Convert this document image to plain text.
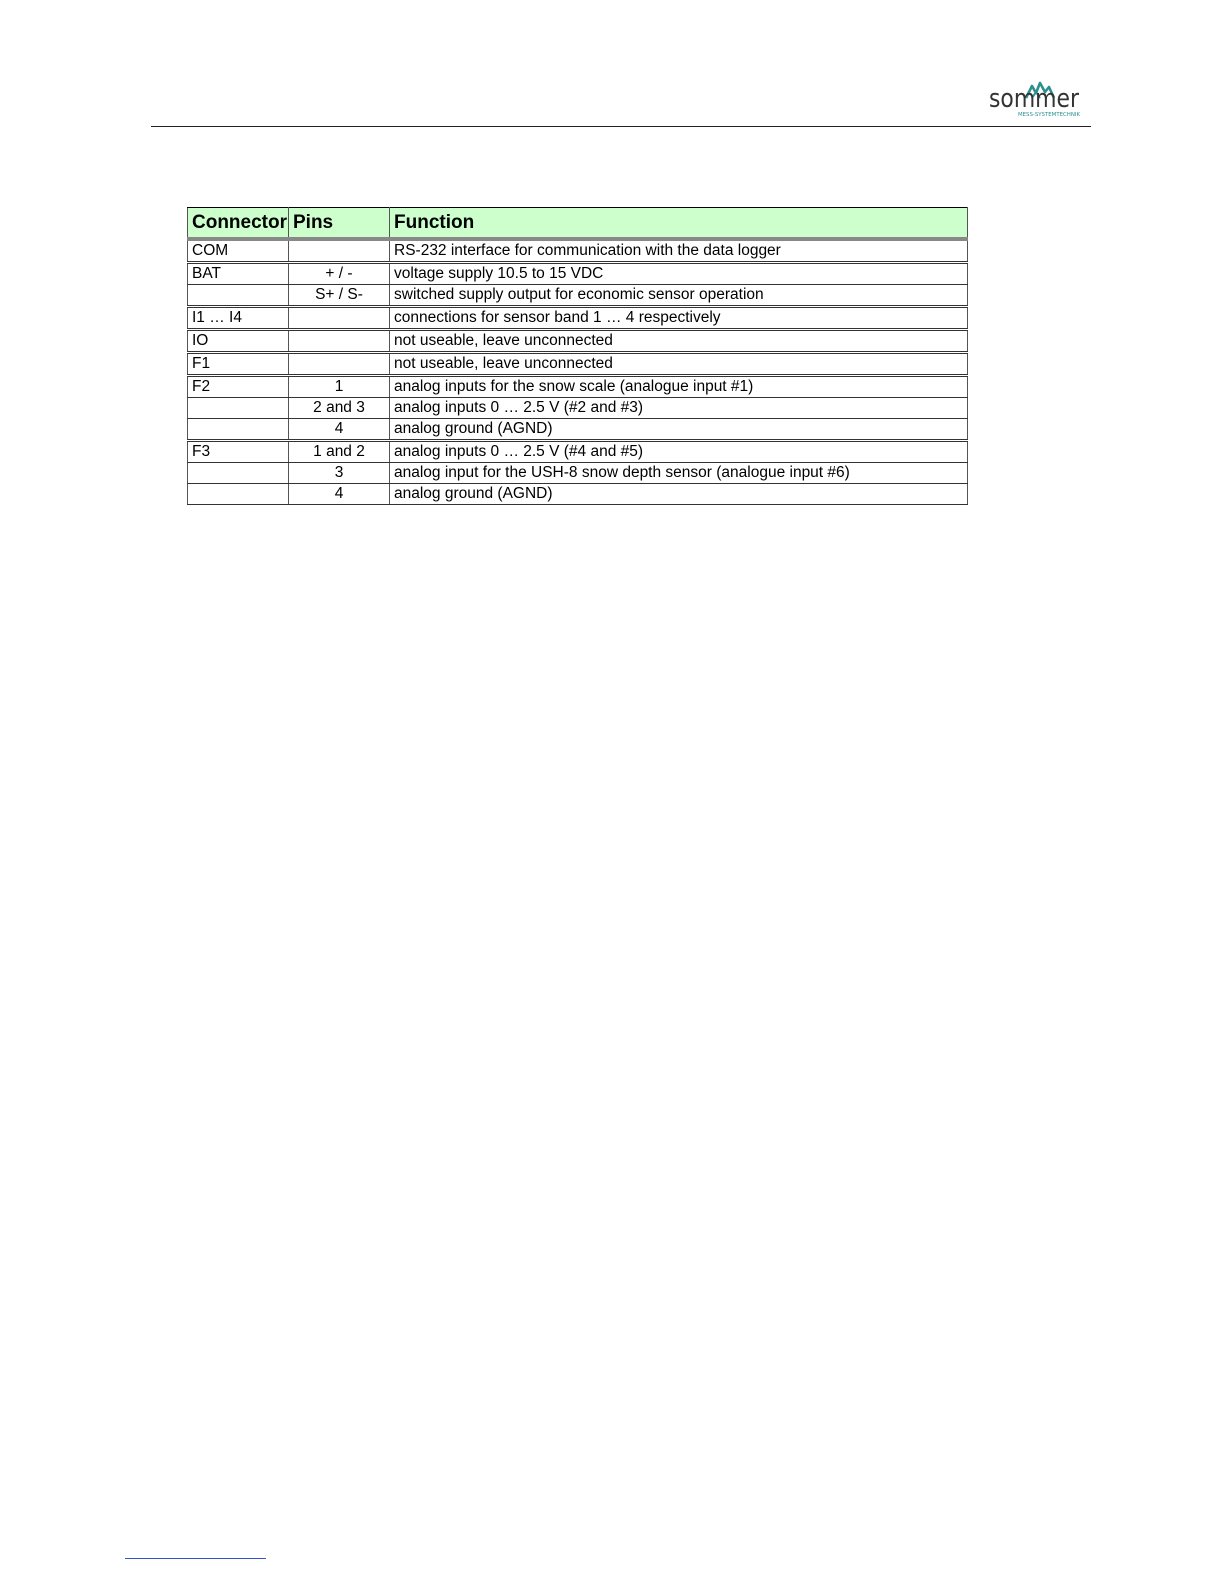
sommer
MESS-SYSTEMTECHNIK
Connector	Pins	Function
COM		RS-232 interface for communication with the data logger
BAT	+ / -	voltage supply 10.5 to 15 VDC
	S+ / S-	switched supply output for economic sensor operation
I1 … I4		connections for sensor band 1 … 4 respectively
IO		not useable, leave unconnected
F1		not useable, leave unconnected
F2	1	analog inputs for the snow scale (analogue input #1)
	2 and 3	analog inputs 0 … 2.5 V (#2 and #3)
	4	analog ground (AGND)
F3	1 and 2	analog inputs 0 … 2.5 V (#4 and #5)
	3	analog input for the USH-8 snow depth sensor (analogue input #6)
	4	analog ground (AGND)
